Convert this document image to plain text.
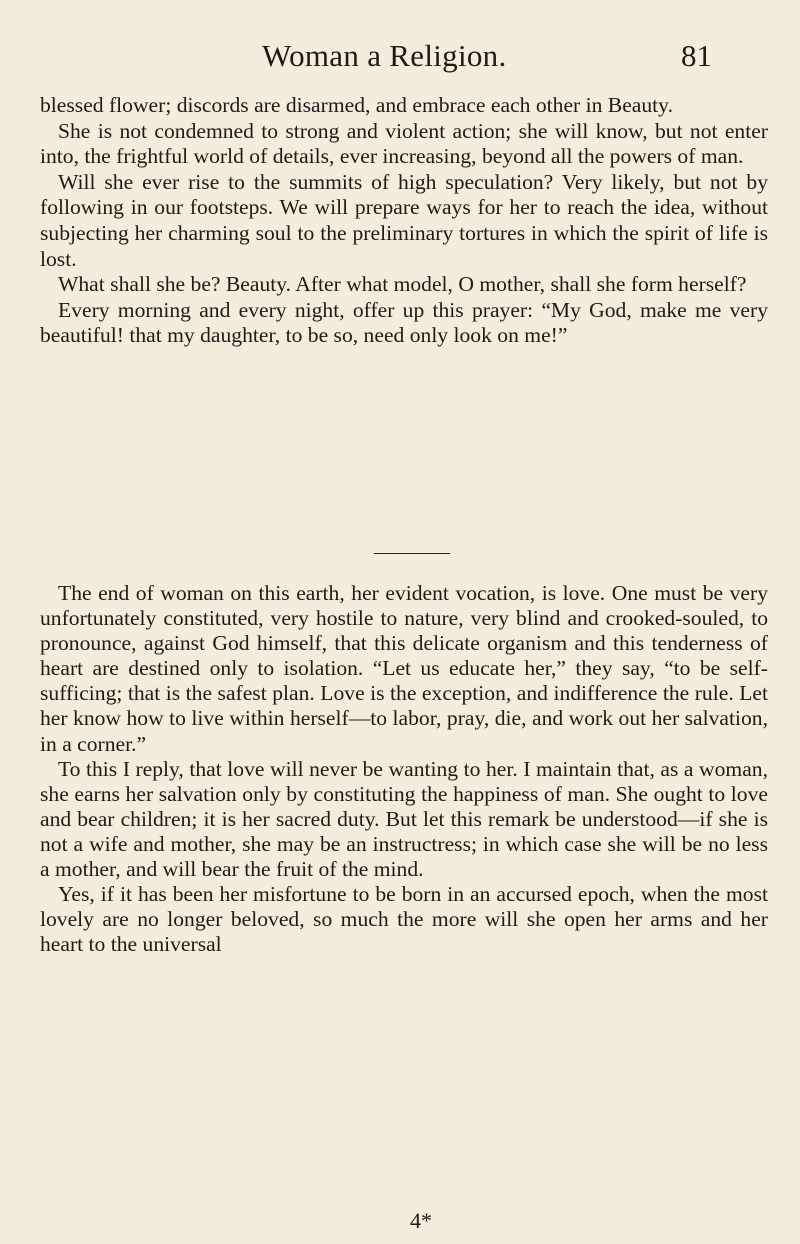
Woman a Religion.	81

blessed flower; discords are disarmed, and embrace each other in Beauty.

She is not condemned to strong and violent action; she will know, but not enter into, the frightful world of details, ever increasing, beyond all the powers of man.

Will she ever rise to the summits of high speculation? Very likely, but not by following in our footsteps. We will prepare ways for her to reach the idea, without subjecting her charming soul to the preliminary tortures in which the spirit of life is lost.

What shall she be? Beauty. After what model, O mother, shall she form herself?

Every morning and every night, offer up this prayer: “My God, make me very beautiful! that my daughter, to be so, need only look on me!”

The end of woman on this earth, her evident vocation, is love. One must be very unfortunately constituted, very hostile to nature, very blind and crooked-souled, to pronounce, against God himself, that this delicate organism and this tenderness of heart are destined only to isolation. “Let us educate her,” they say, “to be self-sufficing; that is the safest plan. Love is the exception, and indifference the rule. Let her know how to live within herself—to labor, pray, die, and work out her salvation, in a corner.”

To this I reply, that love will never be wanting to her. I maintain that, as a woman, she earns her salvation only by constituting the happiness of man. She ought to love and bear children; it is her sacred duty. But let this remark be understood—if she is not a wife and mother, she may be an instructress; in which case she will be no less a mother, and will bear the fruit of the mind.

Yes, if it has been her misfortune to be born in an accursed epoch, when the most lovely are no longer beloved, so much the more will she open her arms and her heart to the universal

4*
